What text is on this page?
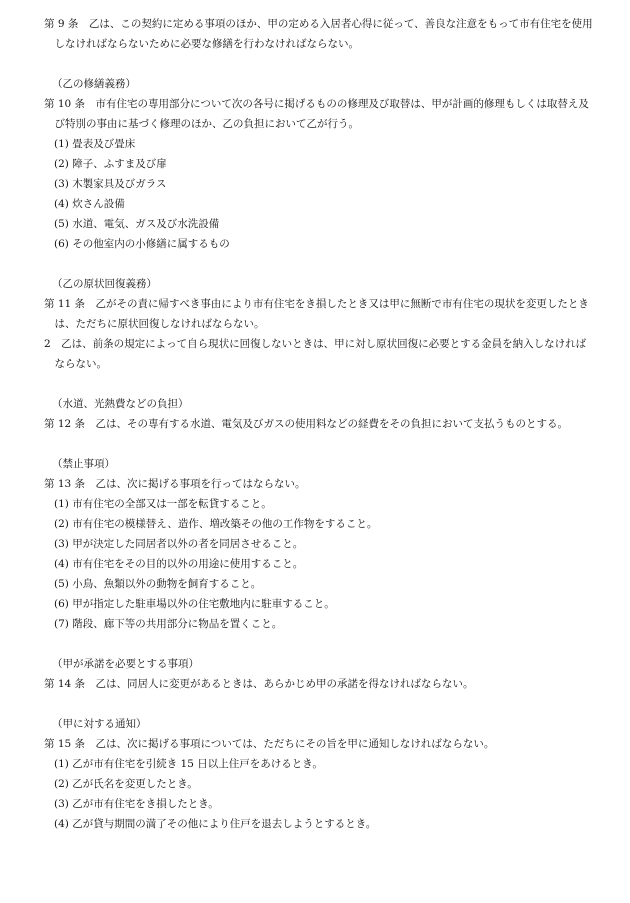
第 9 条　乙は、この契約に定める事項のほか、甲の定める入居者心得に従って、善良な注意をもって市有住宅を使用しなければならないために必要な修繕を行わなければならない。

（乙の修繕義務）

第 10 条　市有住宅の専用部分について次の各号に掲げるものの修理及び取替は、甲が計画的修理もしくは取替え及び特別の事由に基づく修理のほか、乙の負担において乙が行う。

(1) 畳表及び畳床

(2) 障子、ふすま及び扉

(3) 木製家具及びガラス

(4) 炊さん設備

(5) 水道、電気、ガス及び水洗設備

(6) その他室内の小修繕に属するもの

（乙の原状回復義務）

第 11 条　乙がその責に帰すべき事由により市有住宅をき損したとき又は甲に無断で市有住宅の現状を変更したときは、ただちに原状回復しなければならない。

2　乙は、前条の規定によって自ら現状に回復しないときは、甲に対し原状回復に必要とする金員を納入しなければならない。

（水道、光熱費などの負担）

第 12 条　乙は、その専有する水道、電気及びガスの使用料などの経費をその負担において支払うものとする。

（禁止事項）

第 13 条　乙は、次に掲げる事項を行ってはならない。

(1) 市有住宅の全部又は一部を転貸すること。

(2) 市有住宅の模様替え、造作、増改築その他の工作物をすること。

(3) 甲が決定した同居者以外の者を同居させること。

(4) 市有住宅をその目的以外の用途に使用すること。

(5) 小鳥、魚類以外の動物を飼育すること。

(6) 甲が指定した駐車場以外の住宅敷地内に駐車すること。

(7) 階段、廊下等の共用部分に物品を置くこと。

（甲が承諾を必要とする事項）

第 14 条　乙は、同居人に変更があるときは、あらかじめ甲の承諾を得なければならない。

（甲に対する通知）

第 15 条　乙は、次に掲げる事項については、ただちにその旨を甲に通知しなければならない。

(1) 乙が市有住宅を引続き 15 日以上住戸をあけるとき。

(2) 乙が氏名を変更したとき。

(3) 乙が市有住宅をき損したとき。

(4) 乙が貸与期間の満了その他により住戸を退去しようとするとき。
